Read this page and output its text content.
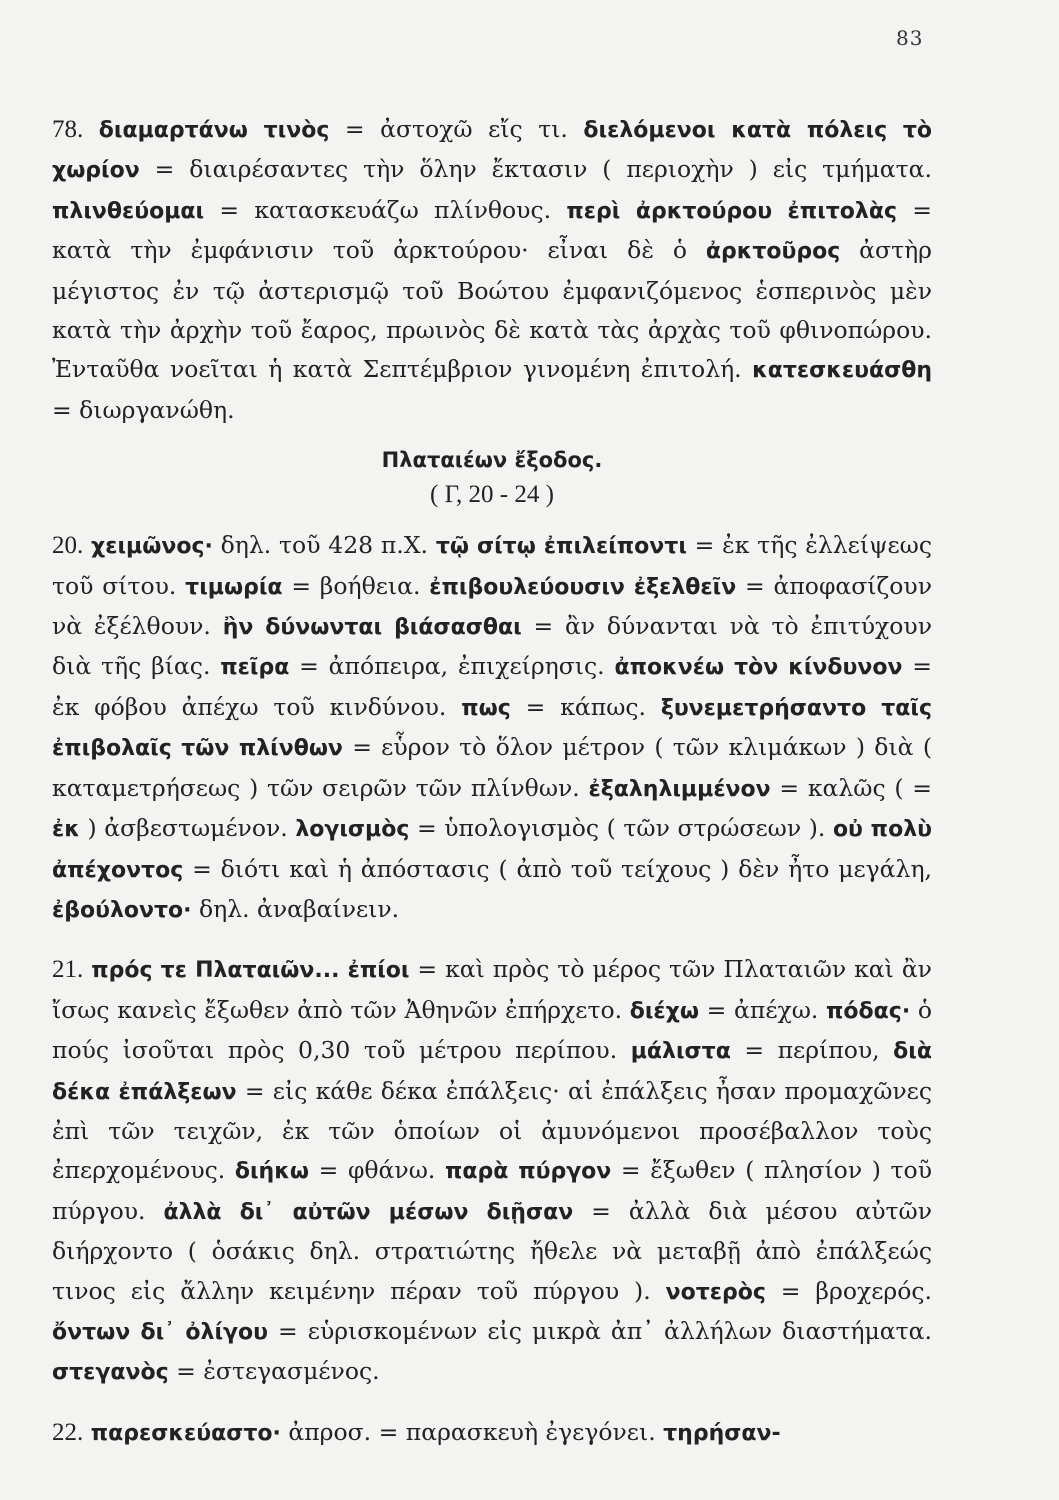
83

78. διαμαρτάνω τινὸς = ἀστοχῶ εἴς τι. διελόμενοι κατὰ πόλεις τὸ χωρίον = διαιρέσαντες τὴν ὅλην ἔκτασιν ( περιοχὴν ) εἰς τμήματα. πλινθεύομαι = κατασκευάζω πλίνθους. περὶ ἀρκτούρου ἐπιτολὰς = κατὰ τὴν ἐμφάνισιν τοῦ ἀρκτούρου· εἶναι δὲ ὁ ἀρκτοῦρος ἀστὴρ μέγιστος ἐν τῷ ἀστερισμῷ τοῦ Βοώτου ἐμφανιζόμενος ἑσπερινὸς μὲν κατὰ τὴν ἀρχὴν τοῦ ἔαρος, πρωινὸς δὲ κατὰ τὰς ἀρχὰς τοῦ φθινοπώρου. Ἐνταῦθα νοεῖται ἡ κατὰ Σεπτέμβριον γινομένη ἐπιτολή. κατεσκευάσθη = διωργανώθη.

Πλαταιέων ἔξοδος.
( Γ, 20 - 24 )

20. χειμῶνος· δηλ. τοῦ 428 π.Χ. τῷ σίτῳ ἐπιλείποντι = ἐκ τῆς ἐλλείψεως τοῦ σίτου. τιμωρία = βοήθεια. ἐπιβουλεύουσιν ἐξελθεῖν = ἀποφασίζουν νὰ ἐξέλθουν. ἢν δύνωνται βιάσασθαι = ἂν δύνανται νὰ τὸ ἐπιτύχουν διὰ τῆς βίας. πεῖρα = ἀπόπειρα, ἐπιχείρησις. ἀποκνέω τὸν κίνδυνον = ἐκ φόβου ἀπέχω τοῦ κινδύνου. πως = κάπως. ξυνεμετρήσαντο ταῖς ἐπιβολαῖς τῶν πλίνθων = εὗρον τὸ ὅλον μέτρον ( τῶν κλιμάκων ) διὰ ( καταμετρήσεως ) τῶν σειρῶν τῶν πλίνθων. ἐξαληλιμμένον = καλῶς ( = ἐκ ) ἀσβεστωμένον. λογισμὸς = ὑπολογισμὸς ( τῶν στρώσεων ). οὐ πολὺ ἀπέχοντος = διότι καὶ ἡ ἀπόστασις ( ἀπὸ τοῦ τείχους ) δὲν ἦτο μεγάλη, ἐβούλοντο· δηλ. ἀναβαίνειν.

21. πρός τε Πλαταιῶν... ἐπίοι = καὶ πρὸς τὸ μέρος τῶν Πλαταιῶν καὶ ἂν ἴσως κανεὶς ἔξωθεν ἀπὸ τῶν Ἀθηνῶν ἐπήρχετο. διέχω = ἀπέχω. πόδας· ὁ πούς ἰσοῦται πρὸς 0,30 τοῦ μέτρου περίπου. μάλιστα = περίπου, διὰ δέκα ἐπάλξεων = εἰς κάθε δέκα ἐπάλξεις· αἱ ἐπάλξεις ἦσαν προμαχῶνες ἐπὶ τῶν τειχῶν, ἐκ τῶν ὁποίων οἱ ἀμυνόμενοι προσέβαλλον τοὺς ἐπερχομένους. διήκω = φθάνω. παρὰ πύργον = ἔξωθεν ( πλησίον ) τοῦ πύργου. ἀλλὰ δι᾽ αὐτῶν μέσων διῇσαν = ἀλλὰ διὰ μέσου αὐτῶν διήρχοντο ( ὁσάκις δηλ. στρατιώτης ἤθελε νὰ μεταβῇ ἀπὸ ἐπάλξεώς τινος εἰς ἄλλην κειμένην πέραν τοῦ πύργου ). νοτερὸς = βροχερός. ὄντων δι᾽ ὀλίγου = εὑρισκομένων εἰς μικρὰ ἀπ᾽ ἀλλήλων διαστήματα. στεγανὸς = ἐστεγασμένος.

22. παρεσκεύαστο· ἀπροσ. = παρασκευὴ ἐγεγόνει. τηρήσαν-
